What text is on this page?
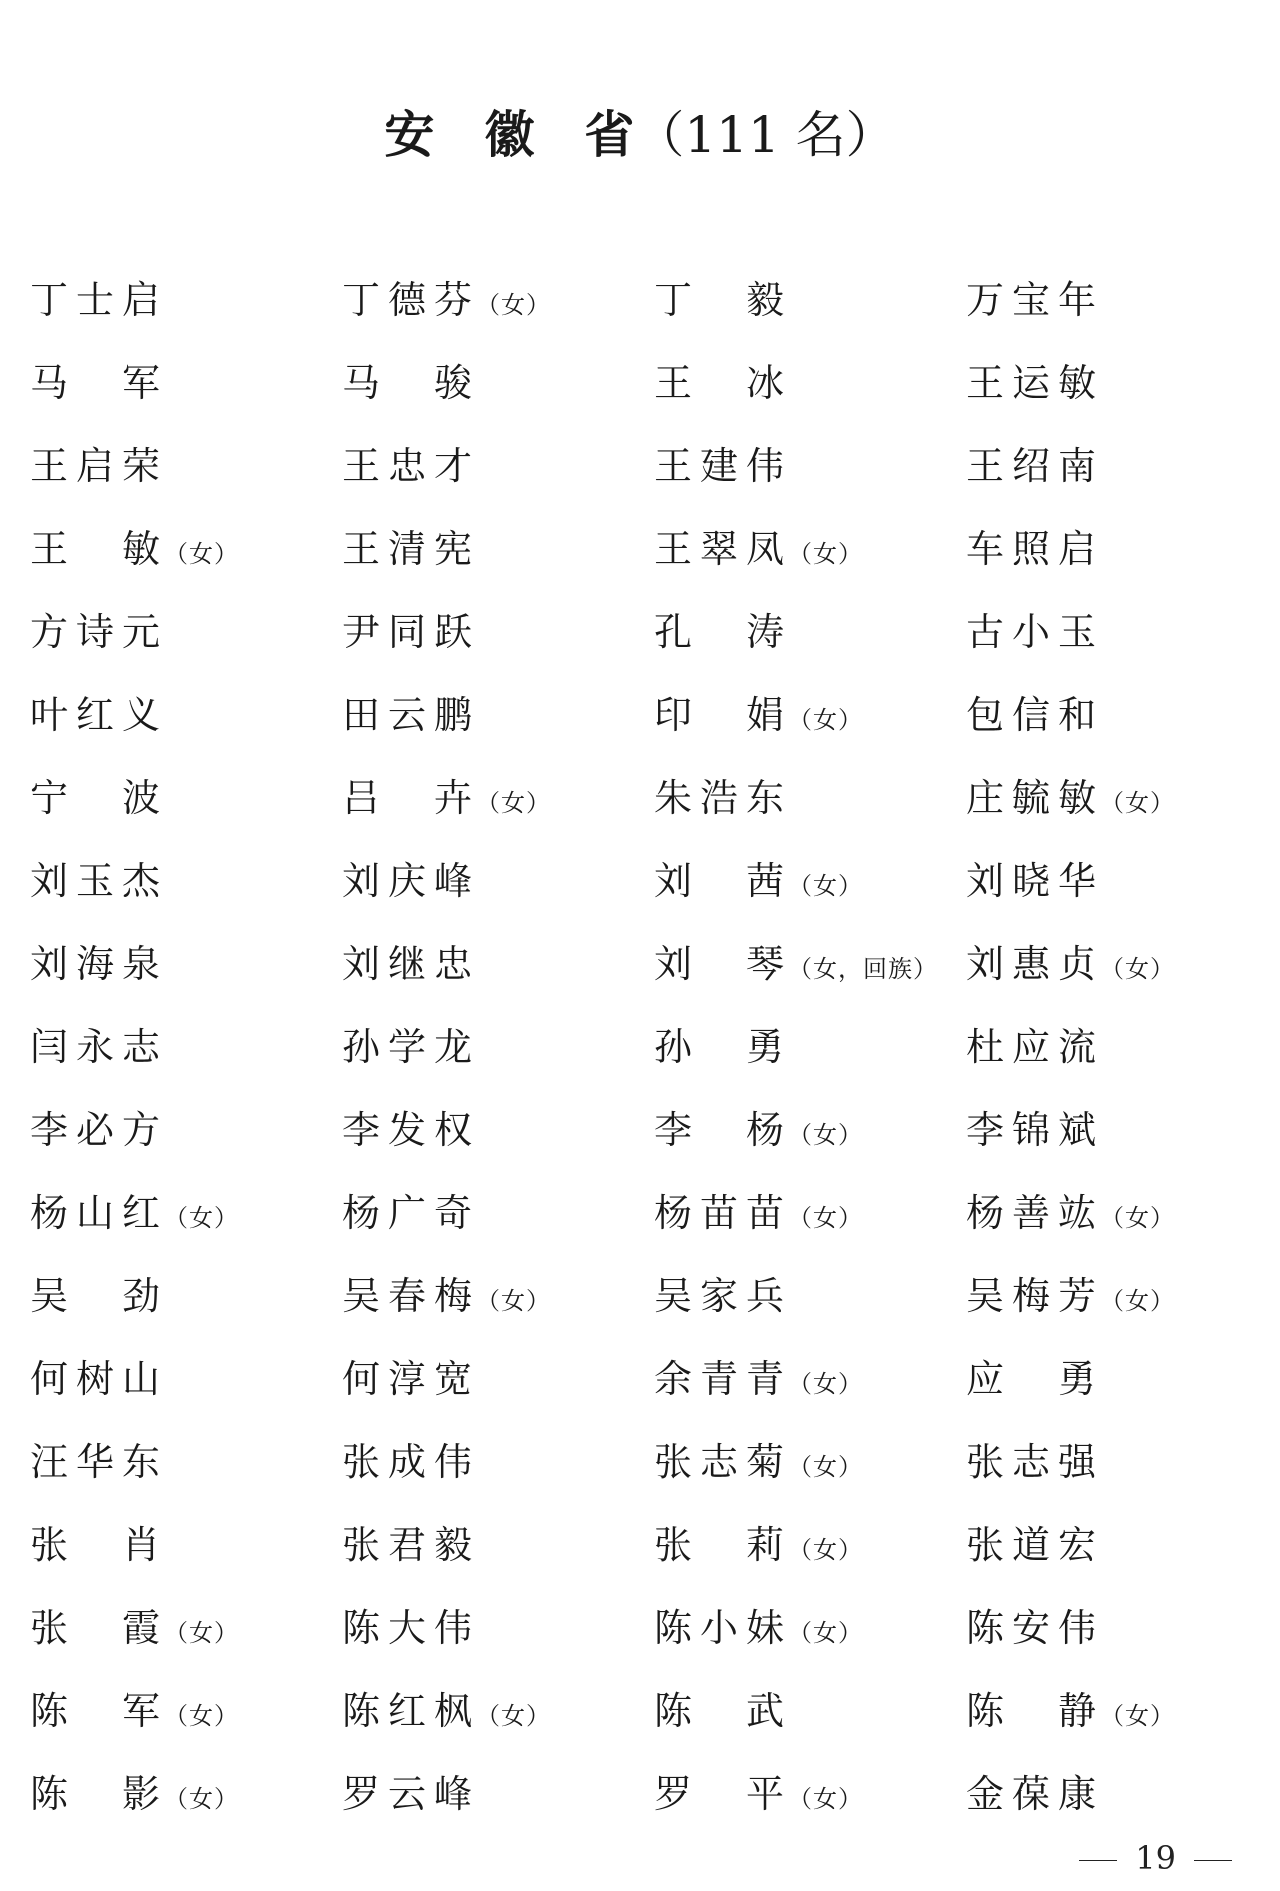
安　徽　省（111 名）
丁士启	丁德芬（女）	丁　毅	万宝年
马　军	马　骏	王　冰	王运敏
王启荣	王忠才	王建伟	王绍南
王　敏（女）	王清宪	王翠凤（女）	车照启
方诗元	尹同跃	孔　涛	古小玉
叶红义	田云鹏	印　娟（女）	包信和
宁　波	吕　卉（女）	朱浩东	庄毓敏（女）
刘玉杰	刘庆峰	刘　茜（女）	刘晓华
刘海泉	刘继忠	刘　琴（女，回族） 刘惠贞（女）
闫永志	孙学龙	孙　勇	杜应流
李必方	李发权	李　杨（女）	李锦斌
杨山红（女）	杨广奇	杨苗苗（女）	杨善竑（女）
吴　劲	吴春梅（女）	吴家兵	吴梅芳（女）
何树山	何淳宽	余青青（女）	应　勇
汪华东	张成伟	张志菊（女）	张志强
张　肖	张君毅	张　莉（女）	张道宏
张　霞（女）	陈大伟	陈小妹（女）	陈安伟
陈　军（女）	陈红枫（女）	陈　武	陈　静（女）
陈　影（女）	罗云峰	罗　平（女）	金葆康
19
